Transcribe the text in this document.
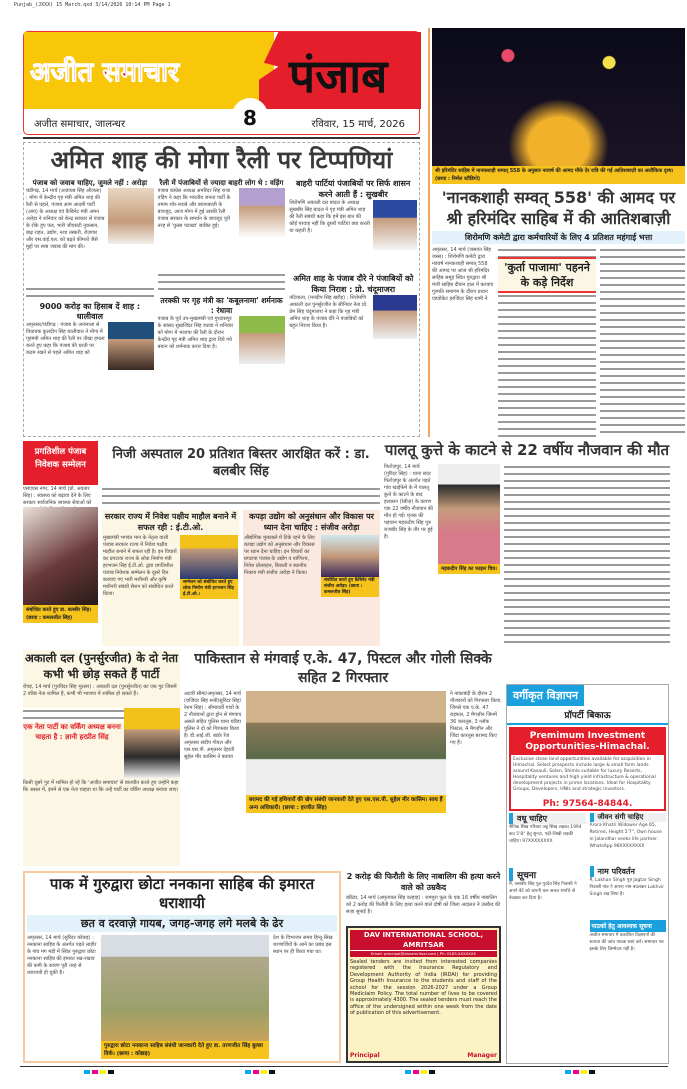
Punjab_(JXXX) 15 March.qxd 3/14/2026 10:14 PM Page 1
अजीत समाचार पंजाब
8
अजीत समाचार, जालन्धर	रविवार, 15 मार्च, 2026
अमित शाह की मोगा रैली पर टिप्पणियां
पंजाब को जवाब चाहिए, जुमले नहीं : अरोड़ा
चंडीगढ़, 14 मार्च (अजायब सिंह औजला) : मोगा में केन्द्रीय गृह मंत्री अमित शाह की रैली से पहले, पंजाब आम आदमी पार्टी (आप) के अध्यक्ष एवं कैबिनेट मंत्री अमन अरोड़ा ने शनिवार को केन्द्र सरकार से पंजाब के रोके हुए फंड, भारी जीएसटी नुकसान, बाढ़ राहत, उद्योग, नशा तस्करी, रोज़गार और एस.वाई.एल. को बढ़ते कीमतों जैसे मुद्दों पर स्पष्ट जवाब की मांग की।
9000 करोड़ का हिसाब दें शाह : धालीवाल
अमृतसर/चंडीगढ़ : पंजाब के अजनाला से विधायक कुलदीप सिंह धालीवाल ने मोगा में गृहमंत्री अमित शाह की रैली पर तीखा हमला करते हुए कहा कि पंजाब की धरती पर कदम रखने से पहले अमित शाह को
रैली में पंजाबियों से ज्यादा बाहरी लोग थे : वड़िंग
पंजाब कांग्रेस अध्यक्ष अमरिंदर सिंह राजा वड़िंग ने कहा कि भारतीय जनता पार्टी के तमाम शोर-शराबे और बयानबाज़ी के बावजूद, आज मोगा में हुई उसकी रैली पंजाब सरकार के समर्थन के बावजूद पूरी तरह से 'फुस्स पटाखा' साबित हुई।
तरक्की पर गृह मंत्री का 'कबूलनामा' शर्मनाक : रंधावा
पंजाब के पूर्व उप-मुख्यमंत्री एवं गुरदासपुर के सांसद सुखजिंदर सिंह रंधावा ने शनिवार को मोगा में भाजपा की रैली के दौरान केन्द्रीय गृह मंत्री अमित शाह द्वारा दिये गये बयान को शर्मनाक करार दिया है।
बाहरी पार्टियां पंजाबियों पर सिर्फ शासन करने आती हैं : सुखबीर
शिरोमणि अकाली दल बादल के अध्यक्ष सुखबीर सिंह बादल ने गृह मंत्री अमित शाह की रैली संबंधी कहा कि हमें इस बात की कोई परवाह नहीं कि दूसरी पार्टियां क्या करती या कहती हैं।
अमित शाह के पंजाब दौरे ने पंजाबियों को किया निराश : प्रो. चंदूमाजरा
पटियाला, (मनदीप सिंह खरौड़) : शिरोमणि अकाली दल पुनर्सुरजीत के सीनियर नेता प्रो. प्रेम सिंह चंदूमाजरा ने कहा कि गृह मंत्री अमित शाह के पंजाब दौरे ने पंजाबियों को बहुत निराश किया है।
श्री हरिमंदिर साहिब में नानकशाही सम्वत् 558 के अनुसार नववर्ष की आमद मौके देर रात्रि की गई आतिशबाज़ी का अलौकिक दृश्य। (छाया : निर्मल रटौडिगो)
'नानकशाही सम्वत् 558' की आमद पर श्री हरिमंदिर साहिब में की आतिशबाज़ी
शिरोमणि कमेटी द्वारा कर्मचारियों के लिए 4 प्रतिशत महंगाई भत्ता
अमृतसर, 14 मार्च (जसवंत सिंह जस्स) : शिरोमणि कमेटी द्वारा नववर्ष नानकशाही सम्वत् 558 की आमद पर आज श्री हरिमंदिर साहिब समूह स्थित गुरुद्वारा श्री मंजी साहिब दीवान हाल में करवाए गुरमति समागम के दौरान प्रधान एडवोकेट हरजिंदर सिंह धामी ने
'कुर्ता पाजामा' पहनने के कड़े निर्देश
प्रगतिशील पंजाब निवेशक सम्मेलन
निजी अस्पताल 20 प्रतिशत बिस्तर आरक्षित करें : डा. बलबीर सिंह
एसएएस नगर, 14 मार्च (प्रो. अवतार सिंह) : स्वास्थ्य को बढ़ावा देने के लिए सरकार सार्वजनिक स्वास्थ्य सेवाओं को
संबोधित करते हुए डा. बलबीर सिंह। (छाया : कमलजीत सिंह)
सरकार राज्य में निवेश पक्षीय माहौल बनाने में सफल रही : ई.टी.ओ.
सम्मेलन को संबोधित करते हुए लोक निर्माण मंत्री हरभजन सिंह ई.टी.ओ.।
मुख्यमंत्री भगवंत मान के नेतृत्व वाली पंजाब सरकार राज्य में निवेश पक्षीय माहौल बनाने में सफल रही है। इन विचारों का प्रगटावा राज्य के लोक निर्माण मंत्री हरभजन सिंह ई.टी.ओ. द्वारा प्रगतिशील पंजाब निवेशक सम्मेलन के दूसरे दिन करवाए गए भारी मशीनरी और कृषि मशीनरी संबंधी सैशन को संबोधित करते किया।
कपड़ा उद्योग को अनुसंधान और विकास पर ध्यान देना चाहिए : संजीव अरोड़ा
संबोधित करते हुए कैबिनेट मंत्री संजीव अरोड़ा। (छाया : कमलजीत सिंह)
औद्योगिक मुकाबले में टिके रहने के लिए कपड़ा उद्योग को अनुसंधान और विकास पर ध्यान देना चाहिए। इन विचारों का प्रगटावा पंजाब के उद्योग व वाणिज्य, निवेश प्रोत्साहन, बिजली व स्थानीय निकाय मंत्री संजीव अरोड़ा ने किया।
पालतू कुत्ते के काटने से 22 वर्षीय नौजवान की मौत
फिरोज़पुर, 14 मार्च (गुरिंदर सिंह) : थाना सदर फिरोज़पुर के अंतर्गत पड़ते गांव खाईफेमे के में पालतू कुत्ते के काटने के बाद हलकान (रेबीज़) के कारण एक 22 वर्षीय नौजवान की मौत हो गई। मृतक की पहचान महकदीप सिंह पुत्र राजबीर सिंह के तौर पर हुई है।
महकदीप सिंह का फाइल चित्र।
अकाली दल (पुनर्सुरजीत) के दो नेता कभी भी छोड़ सकते हैं पार्टी
रोपड़, 14 मार्च (गुरविंदर सिंह भुल्लर) : अकाली दल (पुनर्सुरजीत) का एक गुट जिसमें 2 वरिष्ठ नेता शामिल हैं, कभी भी भाजपा में शामिल हो सकते हैं।
एक नेता पार्टी का वर्किंग अध्यक्ष बनना चाहता है : ज्ञानी हरप्रीत सिंह
किसी दूसरे गुट में शामिल हो रहे कि 'अजीत समाचार' से बातचीत करते हुए उन्होंने कहा कि असल में, इनमें से एक नेता चाहता था कि उन्हें पार्टी का वर्किंग अध्यक्ष बनाया जाए।
पाकिस्तान से मंगवाई ए.के. 47, पिस्टल और गोली सिक्के सहित 2 गिरफ्तार
अटारी सीमा/अमृतसर, 14 मार्च (राजिंदर सिंह रूबी/सुरिंदर सिंह/रेशम सिंह) : सीमावर्ती गांवों के 2 नौजवानों द्वारा ड्रोन से मंगवाए असले सहित पुलिस थाना घरिंडा पुलिस ने दो को गिरफ्तार किया है। डी.आई.जी. बार्डर रेंज अमृतसर संदीप गोयल और एस.एस.पी. अमृतसर देहाती सुहेल मीर कासिम ने बताया
बरामद की गई हथियारों की खेप संबंधी जानकारी देते हुए एस.एस.पी. सुहेल मीर कासिम। साथ हैं अन्य अधिकारी। (छाया : हरजीत सिंह)
ने नाकाबंदी के दौरान 2 नौजवानों को गिरफ्तार किया, जिनसे एक ए.के. 47 राइफल, 2 मैगज़ीन जिनमें 36 कारतूस, 3 ग्लॉक पिस्टल, 4 मैगज़ीन और जिंदा कारतूस बरामद किए गए हैं।
वर्गीकृत विज्ञापन
प्रॉपर्टी बिकाऊ
Premimum Investment Opportunities-Himachal.
Exclusive clean land opportunities available for acquisition in Himachal. Select prospects include large & small farm lands around Kasauli, Solan, Shimla suitable for luxury Resorts, Hospitality ventures and high yield infrastructure & operational development projects in prime locations. Ideal for Hospitality Groups, Developers, HNIs and strategic investors.
Ph: 97564-84844.
वधू चाहिए
सैनिक सिख परिवार जट्ट सिख लड़का 1994 कद 5'8" हेतु सुन्दर, पढ़ी-लिखी लड़की चाहिए। 97XXXXXXXX
सूचना
मैं, जसबीर सिंह पुत्र गुरदेव सिंह निवासी ने अपने बेटे को अपनी चल-अचल संपत्ति से बेदखल कर दिया है।
जीवन संगी चाहिए
Arora Khatri Widower Age 65, Retired, Height 5'7", Own house in Jalandhar seeks life partner. WhatsApp 98XXXXXXXX
नाम परिवर्तन
मैं, Lakhan Singh पुत्र Jagtar Singh निवासी गांव ने अपना नाम बदलकर Lakhvir Singh रख लिया है।
पाठकों हेतु आवश्यक सूचना
अजीत समाचार में प्रकाशित विज्ञापनों की सत्यता की जांच पाठक स्वयं करें। समाचार पत्र इसके लिए जिम्मेदार नहीं है।
पाक में गुरुद्वारा छोटा ननकाना साहिब की इमारत धराशायी
छत व दरवाज़े गायब, जगह-जगह लगे मलबे के ढेर
अमृतसर, 14 मार्च (सुरिंदर कोछड़) : ननकाना साहिब के अंतर्गत पड़ते लाहौर के गांव मंग मंडी में स्थित गुरुद्वारा छोटा ननकाना साहिब की इमारत रख-रखाव की कमी के कारण पूरी तरह से धराशायी हो चुकी है।
गुरुद्वारा छोटा ननकाना साहिब संबंधी जानकारी देते हुए डा. तरणजीत सिंह बुल्ला विर्क। (छाया : कोछड़)
देश के विभाजन समय हिन्दू-सिख शरणार्थियों के आने का प्रबंध इस स्थान पर ही किया गया था।
2 करोड़ की फिरौती के लिए नाबालिग की हत्या करने वाले को उम्रकैद
बठिंडा, 14 मार्च (अमृतपाल सिंह वल्हाड़) : रामपुरा फूल के एक 16 वर्षीय नाबालिग को 2 करोड़ की फिरौती के लिए हत्या करने वाले दोषी को जिला अदालत ने उम्रकैद की सज़ा सुनाई है।
DAV INTERNATIONAL SCHOOL, AMRITSAR
Email: principal@davamritsar.com | Ph: 0183-XXXXXXX
Sealed tenders are invited from interested companies registered with the Insurance Regulatory and Development Authority of India (IRDAI) for providing Group Health Insurance to the students and staff of the school for the session 2026-2027 under a Group Mediclaim Policy. The total number of lives to be covered is approximately 4300. The sealed tenders must reach the office of the undersigned within one week from the date of publication of this advertisement.
Principal	Manager
